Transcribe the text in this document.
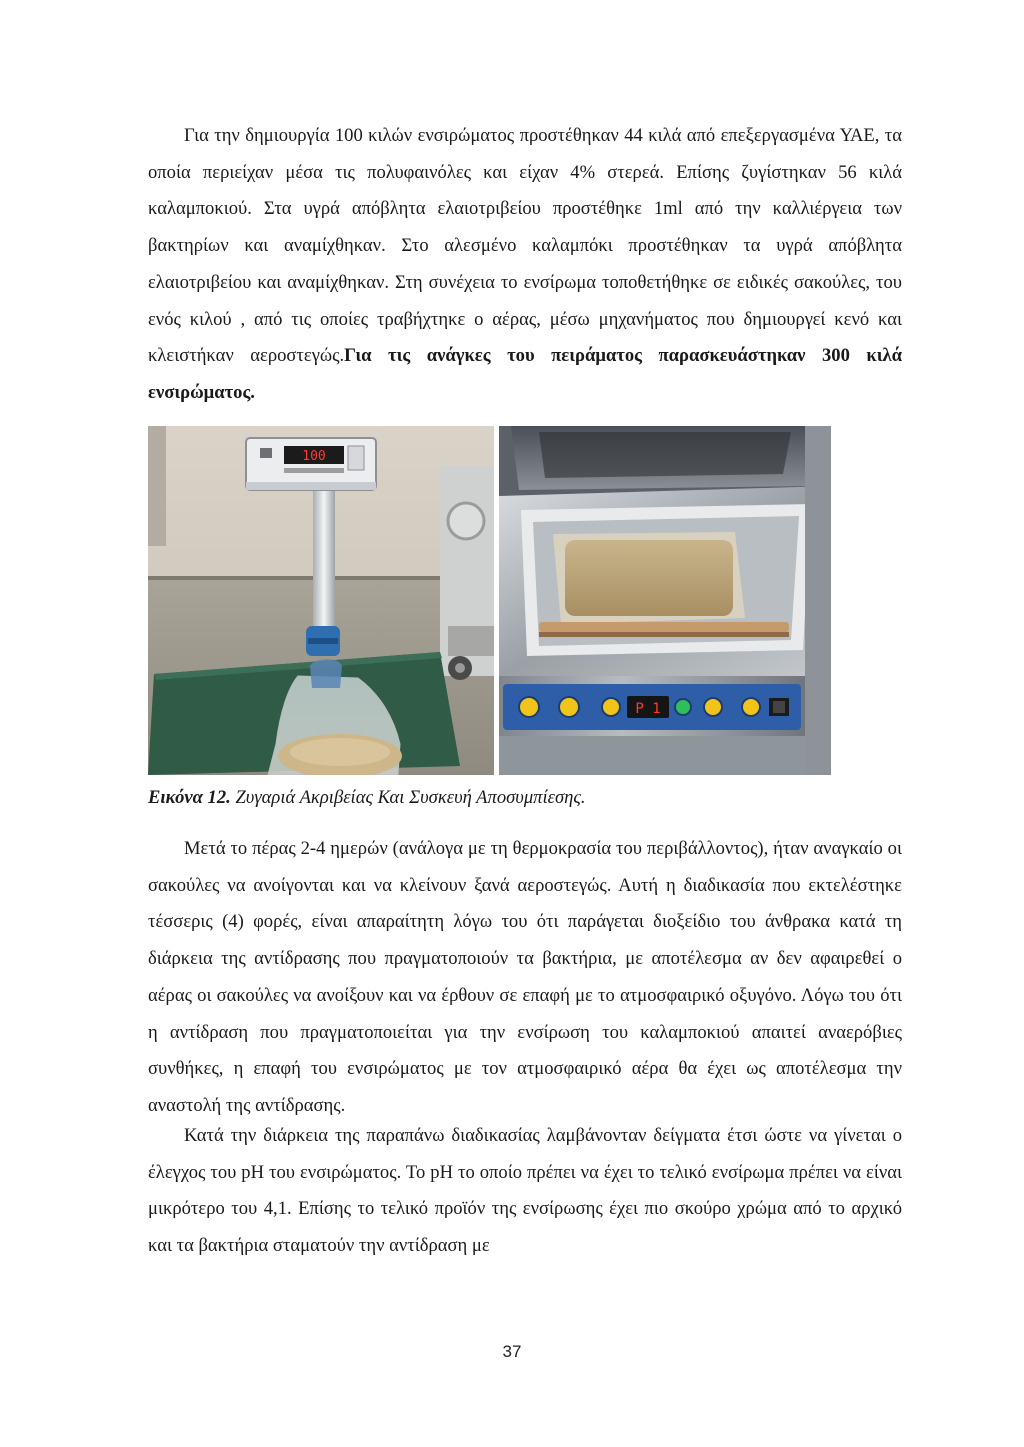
Για την δημιουργία 100 κιλών ενσιρώματος προστέθηκαν 44 κιλά από επεξεργασμένα ΥΑΕ, τα οποία περιείχαν μέσα τις πολυφαινόλες και είχαν 4% στερεά. Επίσης ζυγίστηκαν 56 κιλά καλαμποκιού. Στα υγρά απόβλητα ελαιοτριβείου προστέθηκε 1ml από την καλλιέργεια των βακτηρίων και αναμίχθηκαν. Στο αλεσμένο καλαμπόκι προστέθηκαν τα υγρά απόβλητα ελαιοτριβείου και αναμίχθηκαν. Στη συνέχεια το ενσίρωμα τοποθετήθηκε σε ειδικές σακούλες, του ενός κιλού , από τις οποίες τραβήχτηκε ο αέρας, μέσω μηχανήματος που δημιουργεί κενό και κλειστήκαν αεροστεγώς.Για τις ανάγκες του πειράματος παρασκευάστηκαν 300 κιλά ενσιρώματος.

100
P 1

Εικόνα 12. Ζυγαριά Ακριβείας Και Συσκευή Αποσυμπίεσης.

Μετά το πέρας 2-4 ημερών (ανάλογα με τη θερμοκρασία του περιβάλλοντος), ήταν αναγκαίο οι σακούλες να ανοίγονται και να κλείνουν ξανά αεροστεγώς. Αυτή η διαδικασία που εκτελέστηκε τέσσερις (4) φορές, είναι απαραίτητη λόγω του ότι παράγεται διοξείδιο του άνθρακα κατά τη διάρκεια της αντίδρασης που πραγματοποιούν τα βακτήρια, με αποτέλεσμα αν δεν αφαιρεθεί ο αέρας οι σακούλες να ανοίξουν και να έρθουν σε επαφή με το ατμοσφαιρικό οξυγόνο. Λόγω του ότι η αντίδραση που πραγματοποιείται για την ενσίρωση του καλαμποκιού απαιτεί αναερόβιες συνθήκες, η επαφή του ενσιρώματος με τον ατμοσφαιρικό αέρα θα έχει ως αποτέλεσμα την αναστολή της αντίδρασης.

Κατά την διάρκεια της παραπάνω διαδικασίας λαμβάνονταν δείγματα έτσι ώστε να γίνεται ο έλεγχος του pH του ενσιρώματος. Το pH το οποίο πρέπει να έχει το τελικό ενσίρωμα πρέπει να είναι μικρότερο του 4,1. Επίσης το τελικό προϊόν της ενσίρωσης έχει πιο σκούρο χρώμα από το αρχικό και τα βακτήρια σταματούν την αντίδραση με

37
